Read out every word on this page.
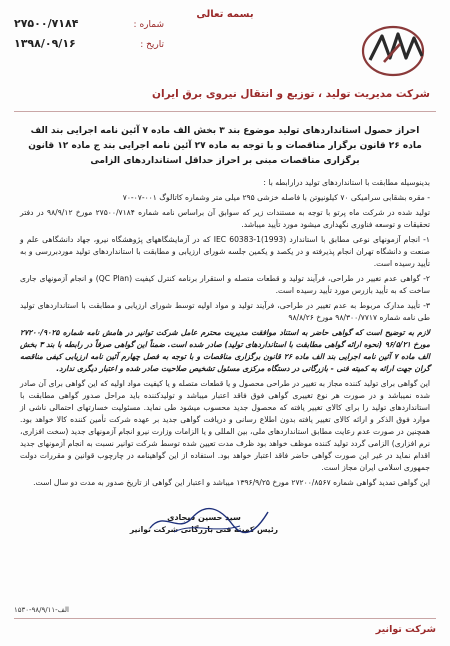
بسمه تعالی
شماره :
۲۷۵۰۰/۷۱۸۴
تاریخ :
۱۳۹۸/۰۹/۱۶
شرکت مدیریت تولید ، توزیع و انتقال نیروی برق ایران
احراز حصول استانداردهای تولید موضوع بند ۳ بخش الف ماده ۷ آئین نامه اجرایی بند الف ماده ۲۶ قانون برگزار مناقصات و با توجه به ماده ۲۷ آئین نامه اجرایی بند ج ماده ۱۲ قانون برگزاری مناقصات مبنی بر احراز حداقل استانداردهای الزامی

بدینوسیله مطابقت با استانداردهای تولید درارابطه با :

- مقره بشقابی سرامیکی ۷۰ کیلونیوتن با فاصله خزشی ۲۹۵ میلی متر وشماره کاتالوگ ۰۰۱-۰۷-۷۰

تولید شده در شرکت ماه پرتو با توجه به مستندات زیر که سوابق آن براساس نامه شماره ۲۷۵۰۰/۷۱۸۴ مورخ ۹۸/۹/۱۲ در دفتر تحقیقات و توسعه فناوری نگهداری میشود مورد تأیید میباشد.

۱- انجام آزمونهای نوعی مطابق با استاندارد (IEC 60383-1(1993 که در آزمایشگاههای پژوهشگاه نیرو، جهاد دانشگاهی علم و صنعت و دانشگاه تهران انجام پذیرفته و در یکصد و یکمین جلسه شورای ارزیابی و مطابقت با استانداردهای تولید موردبررسی و به تأیید رسیده است.

۲- گواهی عدم تغییر در طراحی، فرآیند تولید و قطعات متصله و استقرار برنامه کنترل کیفیت (QC Plan) و انجام آزمونهای جاری ساخت که به تأیید بازرس مورد تأیید رسیده است.

۳- تأیید مدارک مربوط به عدم تغییر در طراحی، فرآیند تولید و مواد اولیه توسط شورای ارزیابی و مطابقت با استانداردهای تولید طی نامه شماره ۹۸/۳۰۰/۷۷۱۷ مورخ ۹۸/۸/۲۶

لازم به توضیح است که گواهی حاضر به استناد موافقت مدیریت محترم عامل شرکت توانیر در هامش نامه شماره ۲۷۲۰۰/۹۰۲۵ مورخ ۹۶/۵/۲۱ (نحوه ارائه گواهی مطابقت با استانداردهای تولید) صادر شده است. ضمناً این گواهی صرفاً در رابطه با بند ۳ بخش الف ماده ۷ آئین نامه اجرایی بند الف ماده ۲۶ قانون برگزاری مناقصات و با توجه به فصل چهارم آئین نامه ارزیابی کیفی مناقصه گران جهت ارائه به کمیته فنی - بازرگانی در دستگاه مرکزی مسئول تشخیص صلاحیت صادر شده و اعتبار دیگری ندارد.

این گواهی برای تولید کننده مجاز به تغییر در طراحی محصول و یا قطعات متصله و یا کیفیت مواد اولیه که این گواهی برای آن صادر شده نمیباشد و در صورت هر نوع تغییری گواهی فوق فاقد اعتبار میباشد و تولیدکننده باید مراحل صدور گواهی مطابقت با استانداردهای تولید را برای کالای تغییر یافته که محصول جدید محسوب میشود طی نماید. مسئولیت خسارتهای احتمالی ناشی از موارد فوق الذکر و ارائه کالای تغییر یافته بدون اطلاع رسانی و دریافت گواهی جدید بر عهده شرکت تأمین کننده کالا خواهد بود. همچنین در صورت عدم رعایت مطابق استانداردهای ملی، بین المللی و یا الزامات وزارت نیرو انجام آزمونهای جدید (سخت افزاری، نرم افزاری) الزامی گردد تولید کننده موظف خواهد بود ظرف مدت تعیین شده توسط شرکت توانیر نسبت به انجام آزمونهای جدید اقدام نماید در غیر این صورت گواهی حاضر فاقد اعتبار خواهد بود. استفاده از این گواهینامه در چارچوب قوانین و مقررات دولت جمهوری اسلامی ایران مجاز است.

این گواهی تمدید گواهی شماره ۲۷۲۰۰/۸۵۶۷ مورخ ۱۳۹۶/۹/۲۵ میباشد و اعتبار این گواهی از تاریخ صدور به مدت دو سال است.

سید حسین سجادی
رئیس کمیته فنی بازرگانی شرکت توانیر
الف-۹۸/۹/۱۱-۱۵۳۰
شرکت توانیر
